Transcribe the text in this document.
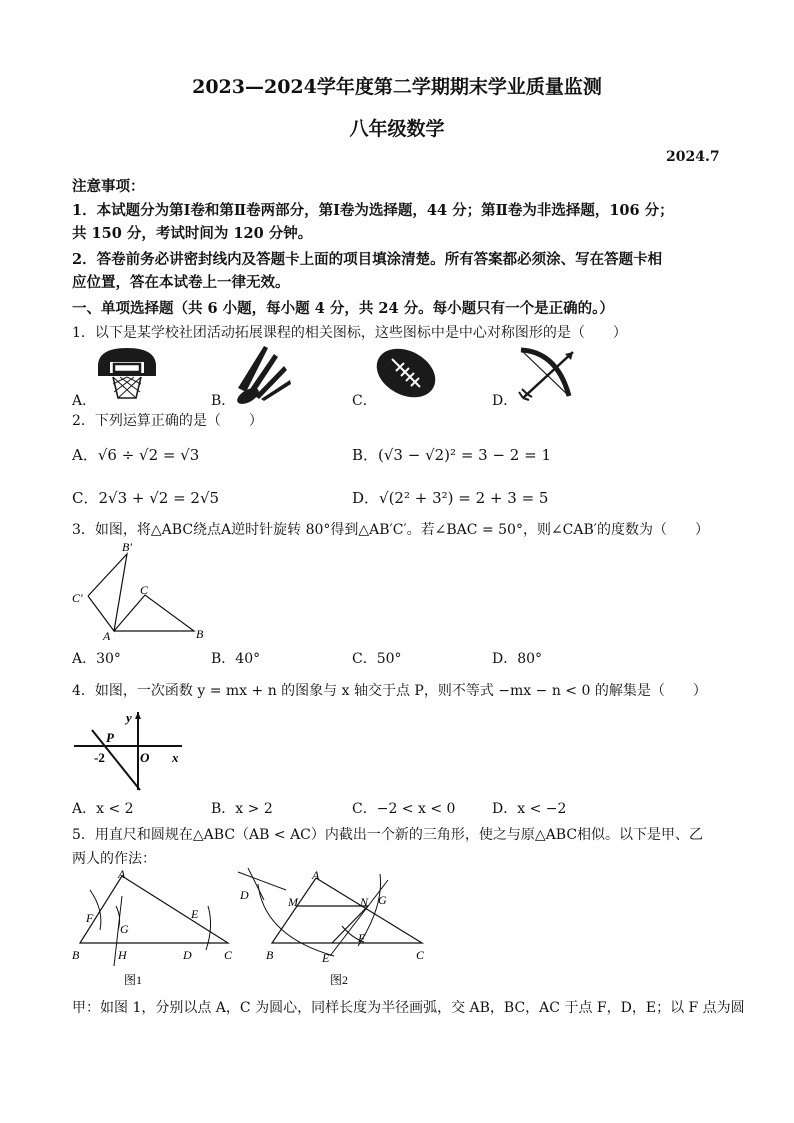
2023—2024学年度第二学期期末学业质量监测
八年级数学
2024.7
注意事项：
1．本试题分为第Ⅰ卷和第Ⅱ卷两部分，第Ⅰ卷为选择题，44 分；第Ⅱ卷为非选择题，106 分；
共 150 分，考试时间为 120 分钟。
2．答卷前务必讲密封线内及答题卡上面的项目填涂清楚。所有答案都必须涂、写在答题卡相
应位置，答在本试卷上一律无效。
一、单项选择题（共 6 小题，每小题 4 分，共 24 分。每小题只有一个是正确的。）
1．以下是某学校社团活动拓展课程的相关图标，这些图标中是中心对称图形的是（　　）
A．	B．	C．	D．
2．下列运算正确的是（　　）
A．√6 ÷ √2 = √3	B．(√3 − √2)² = 3 − 2 = 1
C．2√3 + √2 = 2√5	D．√(2² + 3²) = 2 + 3 = 5
3．如图，将△ABC绕点A逆时针旋转 80°得到△AB′C′。若∠BAC = 50°，则∠CAB′的度数为（　　）
B′
C
C′
A	B
A．30°	B．40°	C．50°	D．80°
4．如图，一次函数 y = mx + n 的图象与 x 轴交于点 P，则不等式 −mx − n < 0 的解集是（　　）
y
P
-2	O x
A．x < 2	B．x > 2	C．−2 < x < 0	D．x < −2
5．用直尺和圆规在△ABC（AB < AC）内截出一个新的三角形，使之与原△ABC相似。以下是甲、乙
两人的作法：
A
F
G
E
B	H	D	C
图1
A
D	M	N G
F
B	E	C
图2
甲：如图 1，分别以点 A，C 为圆心，同样长度为半径画弧，交 AB，BC，AC 于点 F，D，E；以 F 点为圆
